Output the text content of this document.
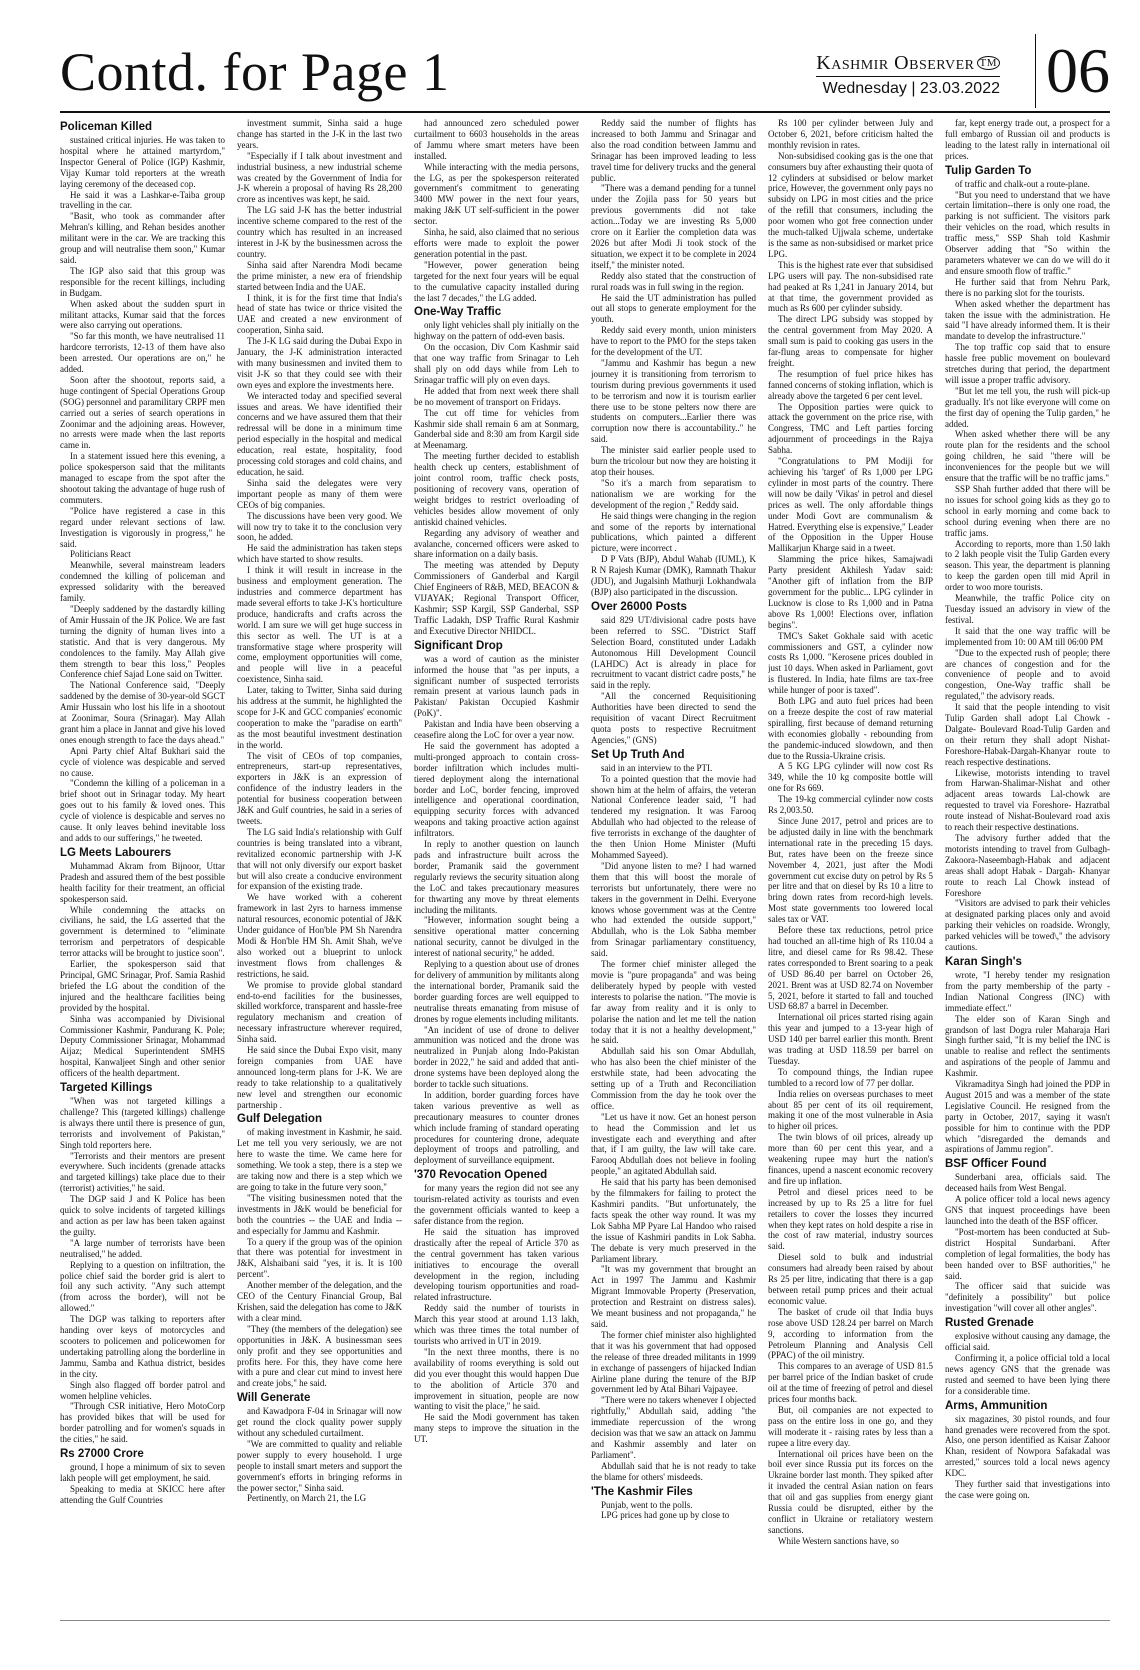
Contd. for Page 1	Kashmir Observer ™
Wednesday | 23.03.2022 06
Policeman Killed

sustained critical injuries. He was taken to hospital where he attained martyrdom," Inspector General of Police (IGP) Kashmir, Vijay Kumar told reporters at the wreath laying ceremony of the deceased cop.

He said it was a Lashkar-e-Taiba group travelling in the car.

"Basit, who took as commander after Mehran's killing, and Rehan besides another militant were in the car. We are tracking this group and will neutralise them soon," Kumar said.

The IGP also said that this group was responsible for the recent killings, including in Budgam.

When asked about the sudden spurt in militant attacks, Kumar said that the forces were also carrying out operations.

"So far this month, we have neutralised 11 hardcore terrorists, 12-13 of them have also been arrested. Our operations are on," he added.

Soon after the shootout, reports said, a huge contingent of Special Operations Group (SOG) personnel and paramilitary CRPF men carried out a series of search operations in Zoonimar and the adjoining areas. However, no arrests were made when the last reports came in.

In a statement issued here this evening, a police spokesperson said that the militants managed to escape from the spot after the shootout taking the advantage of huge rush of commuters.

"Police have registered a case in this regard under relevant sections of law. Investigation is vigorously in progress," he said.

Politicians React

Meanwhile, several mainstream leaders condemned the killing of policeman and expressed solidarity with the bereaved family.

"Deeply saddened by the dastardly killing of Amir Hussain of the JK Police. We are fast turning the dignity of human lives into a statistic. And that is very dangerous. My condolences to the family. May Allah give them strength to bear this loss," Peoples Conference chief Sajad Lone said on Twitter.

The National Conference said, "Deeply saddened by the demise of 30-year-old SGCT Amir Hussain who lost his life in a shootout at Zoonimar, Soura (Srinagar). May Allah grant him a place in Jannat and give his loved ones enough strength to face the days ahead."

Apni Party chief Altaf Bukhari said the cycle of violence was despicable and served no cause.

"Condemn the killing of a policeman in a brief shoot out in Srinagar today. My heart goes out to his family & loved ones. This cycle of violence is despicable and serves no cause. It only leaves behind inevitable loss and adds to our sufferings," he tweeted.

LG Meets Labourers

Muhammad Akram from Bijnoor, Uttar Pradesh and assured them of the best possible health facility for their treatment, an official spokesperson said.

While condemning the attacks on civilians, he said, the LG asserted that the government is determined to "eliminate terrorism and perpetrators of despicable terror attacks will be brought to justice soon".

Earlier, the spokesperson said that Principal, GMC Srinagar, Prof. Samia Rashid briefed the LG about the condition of the injured and the healthcare facilities being provided by the hospital.

Sinha was accompanied by Divisional Commissioner Kashmir, Pandurang K. Pole; Deputy Commissioner Srinagar, Mohammad Aijaz; Medical Superintendent SMHS hospital, Kanwaljeet Singh and other senior officers of the health department.

Targeted Killings

"When was not targeted killings a challenge? This (targeted killings) challenge is always there until there is presence of gun, terrorists and involvement of Pakistan," Singh told reporters here.

"Terrorists and their mentors are present everywhere. Such incidents (grenade attacks and targeted killings) take place due to their (terrorist) activities," he said.

The DGP said J and K Police has been quick to solve incidents of targeted killings and action as per law has been taken against the guilty.

"A large number of terrorists have been neutralised," he added.

Replying to a question on infiltration, the police chief said the border grid is alert to foil any such activity. "Any such attempt (from across the border), will not be allowed."

The DGP was talking to reporters after handing over keys of motorcycles and scooters to policemen and policewomen for undertaking patrolling along the borderline in Jammu, Samba and Kathua district, besides in the city.

Singh also flagged off border patrol and women helpline vehicles.

"Through CSR initiative, Hero MotoCorp has provided bikes that will be used for border patrolling and for women's squads in the cities," he said.

Rs 27000 Crore

ground, I hope a minimum of six to seven lakh people will get employment, he said.

Speaking to media at SKICC here after attending the Gulf Countries

investment summit, Sinha said a huge change has started in the J-K in the last two years.

"Especially if I talk about investment and industrial business, a new industrial scheme was created by the Government of India for J-K wherein a proposal of having Rs 28,200 crore as incentives was kept, he said.

The LG said J-K has the better industrial incentive scheme compared to the rest of the country which has resulted in an increased interest in J-K by the businessmen across the country.

Sinha said after Narendra Modi became the prime minister, a new era of friendship started between India and the UAE.

I think, it is for the first time that India's head of state has twice or thrice visited the UAE and created a new environment of cooperation, Sinha said.

The J-K LG said during the Dubai Expo in January, the J-K administration interacted with many businessmen and invited them to visit J-K so that they could see with their own eyes and explore the investments here.

We interacted today and specified several issues and areas. We have identified their concerns and we have assured them that their redressal will be done in a minimum time period especially in the hospital and medical education, real estate, hospitality, food processing cold storages and cold chains, and education, he said.

Sinha said the delegates were very important people as many of them were CEOs of big companies.

The discussions have been very good. We will now try to take it to the conclusion very soon, he added.

He said the administration has taken steps which have started to show results.

I think it will result in increase in the business and employment generation. The industries and commerce department has made several efforts to take J-K's horticulture produce, handicrafts and crafts across the world. I am sure we will get huge success in this sector as well. The UT is at a transformative stage where prosperity will come, employment opportunities will come, and people will live in a peaceful coexistence, Sinha said.

Later, taking to Twitter, Sinha said during his address at the summit, he highlighted the scope for J-K and GCC companies' economic cooperation to make the "paradise on earth" as the most beautiful investment destination in the world.

The visit of CEOs of top companies, entrepreneurs, start-up representatives, exporters in J&K is an expression of confidence of the industry leaders in the potential for business cooperation between J&K and Gulf countries, he said in a series of tweets.

The LG said India's relationship with Gulf countries is being translated into a vibrant, revitalized economic partnership with J-K that will not only diversify our export basket but will also create a conducive environment for expansion of the existing trade.

We have worked with a coherent framework in last 2yrs to harness immense natural resources, economic potential of J&K Under guidance of Hon'ble PM Sh Narendra Modi & Hon'ble HM Sh. Amit Shah, we've also worked out a blueprint to unlock investment flows from challenges & restrictions, he said.

We promise to provide global standard end-to-end facilities for the businesses, skilled workforce, transparent and hassle-free regulatory mechanism and creation of necessary infrastructure wherever required, Sinha said.

He said since the Dubai Expo visit, many foreign companies from UAE have announced long-term plans for J-K. We are ready to take relationship to a qualitatively new level and strengthen our economic partnership .

Gulf Delegation

of making investment in Kashmir, he said. Let me tell you very seriously, we are not here to waste the time. We came here for something. We took a step, there is a step we are taking now and there is a step which we are going to take in the future very soon,"

"The visiting businessmen noted that the investments in J&K would be beneficial for both the countries -- the UAE and India -- and especially for Jammu and Kashmir.

To a query if the group was of the opinion that there was potential for investment in J&K, Alshaibani said "yes, it is. It is 100 percent".

Another member of the delegation, and the CEO of the Century Financial Group, Bal Krishen, said the delegation has come to J&K with a clear mind.

"They (the members of the delegation) see opportunities in J&K. A businessman sees only profit and they see opportunities and profits here. For this, they have come here with a pure and clear cut mind to invest here and create jobs," he said.

Will Generate

and Kawadpora F-04 in Srinagar will now get round the clock quality power supply without any scheduled curtailment.

"We are committed to quality and reliable power supply to every household. I urge people to install smart meters and support the government's efforts in bringing reforms in the power sector," Sinha said.

Pertinently, on March 21, the LG

had announced zero scheduled power curtailment to 6603 households in the areas of Jammu where smart meters have been installed.

While interacting with the media persons, the LG, as per the spokesperson reiterated government's commitment to generating 3400 MW power in the next four years, making J&K UT self-sufficient in the power sector.

Sinha, he said, also claimed that no serious efforts were made to exploit the power generation potential in the past.

"However, power generation being targeted for the next four years will be equal to the cumulative capacity installed during the last 7 decades," the LG added.

One-Way Traffic

only light vehicles shall ply initially on the highway on the pattern of odd-even basis.

On the occasion, Div Com Kashmir said that one way traffic from Srinagar to Leh shall ply on odd days while from Leh to Srinagar traffic will ply on even days.

He added that from next week there shall be no movement of transport on Fridays.

The cut off time for vehicles from Kashmir side shall remain 6 am at Sonmarg, Ganderbal side and 8:30 am from Kargil side at Meenamarg.

The meeting further decided to establish health check up centers, establishment of joint control room, traffic check posts, positioning of recovery vans, operation of weight bridges to restrict overloading of vehicles besides allow movement of only antiskid chained vehicles.

Regarding any advisory of weather and avalanche, concerned officers were asked to share information on a daily basis.

The meeting was attended by Deputy Commissioners of Ganderbal and Kargil Chief Engineers of R&B, MED, BEACON & VIJAYAK; Regional Transport Officer, Kashmir; SSP Kargil, SSP Ganderbal, SSP Traffic Ladakh, DSP Traffic Rural Kashmir and Executive Director NHIDCL.

Significant Drop

was a word of caution as the minister informed the house that "as per inputs, a significant number of suspected terrorists remain present at various launch pads in Pakistan/ Pakistan Occupied Kashmir (PoK)".

Pakistan and India have been observing a ceasefire along the LoC for over a year now.

He said the government has adopted a multi-pronged approach to contain cross-border infiltration which includes multi-tiered deployment along the international border and LoC, border fencing, improved intelligence and operational coordination, equipping security forces with advanced weapons and taking proactive action against infiltrators.

In reply to another question on launch pads and infrastructure built across the border, Pramanik said the government regularly reviews the security situation along the LoC and takes precautionary measures for thwarting any move by threat elements including the militants.

"However, information sought being a sensitive operational matter concerning national security, cannot be divulged in the interest of national security," he added.

Replying to a question about use of drones for delivery of ammunition by militants along the international border, Pramanik said the border guarding forces are well equipped to neutralise threats emanating from misuse of drones by rogue elements including militants.

"An incident of use of drone to deliver ammunition was noticed and the drone was neutralized in Punjab along Indo-Pakistan border in 2022," he said and added that anti-drone systems have been deployed along the border to tackle such situations.

In addition, border guarding forces have taken various preventive as well as precautionary measures to counter drones which include framing of standard operating procedures for countering drone, adequate deployment of troops and patrolling, and deployment of surveillance equipment.

'370 Revocation Opened

for many years the region did not see any tourism-related activity as tourists and even the government officials wanted to keep a safer distance from the region.

He said the situation has improved drastically after the repeal of Article 370 as the central government has taken various initiatives to encourage the overall development in the region, including developing tourism opportunities and road-related infrastructure.

Reddy said the number of tourists in March this year stood at around 1.13 lakh, which was three times the total number of tourists who arrived in UT in 2019.

"In the next three months, there is no availability of rooms everything is sold out did you ever thought this would happen Due to the abolition of Article 370 and improvement in situation, people are now wanting to visit the place," he said.

He said the Modi government has taken many steps to improve the situation in the UT.

Reddy said the number of flights has increased to both Jammu and Srinagar and also the road condition between Jammu and Srinagar has been improved leading to less travel time for delivery trucks and the general public.

"There was a demand pending for a tunnel under the Zojila pass for 50 years but previous governments did not take action...Today we are investing Rs 5,000 crore on it Earlier the completion data was 2026 but after Modi Ji took stock of the situation, we expect it to be complete in 2024 itself," the minister noted.

Reddy also stated that the construction of rural roads was in full swing in the region.

He said the UT administration has pulled out all stops to generate employment for the youth.

Reddy said every month, union ministers have to report to the PMO for the steps taken for the development of the UT.

"Jammu and Kashmir has begun a new journey it is transitioning from terrorism to tourism during previous governments it used to be terrorism and now it is tourism earlier there use to be stone pelters now there are students on computers...Earlier there was corruption now there is accountability.." he said.

The minister said earlier people used to burn the tricolour but now they are hoisting it atop their houses.

"So it's a march from separatism to nationalism we are working for the development of the region ," Reddy said.

He said things were changing in the region and some of the reports by international publications, which painted a different picture, were incorrect .

D P Vats (BJP), Abdul Wahab (IUML), K R N Rajesh Kumar (DMK), Ramnath Thakur (JDU), and Jugalsinh Mathurji Lokhandwala (BJP) also participated in the discussion.

Over 26000 Posts

said 829 UT/divisional cadre posts have been referred to SSC. "District Staff Selection Board, constituted under Ladakh Autonomous Hill Development Council (LAHDC) Act is already in place for recruitment to vacant district cadre posts," he said in the reply.

"All the concerned Requisitioning Authorities have been directed to send the requisition of vacant Direct Recruitment quota posts to respective Recruitment Agencies," (GNS)

Set Up Truth And

said in an interview to the PTI.

To a pointed question that the movie had shown him at the helm of affairs, the veteran National Conference leader said, "I had tendered my resignation. It was Farooq Abdullah who had objected to the release of five terrorists in exchange of the daughter of the then Union Home Minister (Mufti Mohammed Sayeed).

"Did anyone listen to me? I had warned them that this will boost the morale of terrorists but unfortunately, there were no takers in the government in Delhi. Everyone knows whose government was at the Centre who had extended the outside support," Abdullah, who is the Lok Sabha member from Srinagar parliamentary constituency, said.

The former chief minister alleged the movie is "pure propaganda" and was being deliberately hyped by people with vested interests to polarise the nation. "The movie is far away from reality and it is only to polarise the nation and let me tell the nation today that it is not a healthy development," he said.

Abdullah said his son Omar Abdullah, who has also been the chief minister of the erstwhile state, had been advocating the setting up of a Truth and Reconciliation Commission from the day he took over the office.

"Let us have it now. Get an honest person to head the Commission and let us investigate each and everything and after that, if I am guilty, the law will take care. Farooq Abdullah does not believe in fooling people," an agitated Abdullah said.

He said that his party has been demonised by the filmmakers for failing to protect the Kashmiri pandits. "But unfortunately, the facts speak the other way round. It was my Lok Sabha MP Pyare Lal Handoo who raised the issue of Kashmiri pandits in Lok Sabha. The debate is very much preserved in the Parliament library.

"It was my government that brought an Act in 1997 The Jammu and Kashmir Migrant Immovable Property (Preservation, protection and Restraint on distress sales). We meant business and not propaganda," he said.

The former chief minister also highlighted that it was his government that had opposed the release of three dreaded militants in 1999 in exchange of passengers of hijacked Indian Airline plane during the tenure of the BJP government led by Atal Bihari Vajpayee.

"There were no takers whenever I objected rightfully," Abdullah said, adding "the immediate repercussion of the wrong decision was that we saw an attack on Jammu and Kashmir assembly and later on Parliament".

Abdullah said that he is not ready to take the blame for others' misdeeds.

'The Kashmir Files

Punjab, went to the polls.

LPG prices had gone up by close to

Rs 100 per cylinder between July and October 6, 2021, before criticism halted the monthly revision in rates.

Non-subsidised cooking gas is the one that consumers buy after exhausting their quota of 12 cylinders at subsidised or below market price, However, the government only pays no subsidy on LPG in most cities and the price of the refill that consumers, including the poor women who got free connection under the much-talked Ujjwala scheme, undertake is the same as non-subsidised or market price LPG.

This is the highest rate ever that subsidised LPG users will pay. The non-subsidised rate had peaked at Rs 1,241 in January 2014, but at that time, the government provided as much as Rs 600 per cylinder subsidy.

The direct LPG subsidy was stopped by the central government from May 2020. A small sum is paid to cooking gas users in the far-flung areas to compensate for higher freight.

The resumption of fuel price hikes has fanned concerns of stoking inflation, which is already above the targeted 6 per cent level.

The Opposition parties were quick to attack the government on the price rise, with Congress, TMC and Left parties forcing adjournment of proceedings in the Rajya Sabha.

"Congratulations to PM Modiji for achieving his 'target' of Rs 1,000 per LPG cylinder in most parts of the country. There will now be daily 'Vikas' in petrol and diesel prices as well. The only affordable things under Modi Govt are communalism & Hatred. Everything else is expensive," Leader of the Opposition in the Upper House Mallikarjun Kharge said in a tweet.

Slamming the price hikes, Samajwadi Party president Akhilesh Yadav said: "Another gift of inflation from the BJP government for the public... LPG cylinder in Lucknow is close to Rs 1,000 and in Patna above Rs 1,000! Elections over, inflation begins".

TMC's Saket Gokhale said with acetic commissioners and GST, a cylinder now costs Rs 1,000. "Kerosene prices doubled in just 10 days. When asked in Parliament, govt is flustered. In India, hate films are tax-free while hunger of poor is taxed".

Both LPG and auto fuel prices had been on a freeze despite the cost of raw material spiralling, first because of demand returning with economies globally - rebounding from the pandemic-induced slowdown, and then due to the Russia-Ukraine crisis.

A 5 KG LPG cylinder will now cost Rs 349, while the 10 kg composite bottle will one for Rs 669.

The 19-kg commercial cylinder now costs Rs 2,003.50.

Since June 2017, petrol and prices are to be adjusted daily in line with the benchmark international rate in the preceding 15 days. But, rates have been on the freeze since November 4, 2021, just after the Modi government cut excise duty on petrol by Rs 5 per litre and that on diesel by Rs 10 a litre to bring down rates from record-high levels. Most state governments too lowered local sales tax or VAT.

Before these tax reductions, petrol price had touched an all-time high of Rs 110.04 a litre, and diesel came for Rs 98.42. These rates corresponded to Brent soaring to a peak of USD 86.40 per barrel on October 26, 2021. Brent was at USD 82.74 on November 5, 2021, before it started to fall and touched USD 68.87 a barrel in December.

International oil prices started rising again this year and jumped to a 13-year high of USD 140 per barrel earlier this month. Brent was trading at USD 118.59 per barrel on Tuesday.

To compound things, the Indian rupee tumbled to a record low of 77 per dollar.

India relies on overseas purchases to meet about 85 per cent of its oil requirement, making it one of the most vulnerable in Asia to higher oil prices.

The twin blows of oil prices, already up more than 60 per cent this year, and a weakening rupee may hurt the nation's finances, upend a nascent economic recovery and fire up inflation.

Petrol and diesel prices need to be increased by up to Rs 25 a litre for fuel retailers to cover the losses they incurred when they kept rates on hold despite a rise in the cost of raw material, industry sources said.

Diesel sold to bulk and industrial consumers had already been raised by about Rs 25 per litre, indicating that there is a gap between retail pump prices and their actual economic value.

The basket of crude oil that India buys rose above USD 128.24 per barrel on March 9, according to information from the Petroleum Planning and Analysis Cell (PPAC) of the oil ministry.

This compares to an average of USD 81.5 per barrel price of the Indian basket of crude oil at the time of freezing of petrol and diesel prices four months back.

But, oil companies are not expected to pass on the entire loss in one go, and they will moderate it - raising rates by less than a rupee a litre every day.

International oil prices have been on the boil ever since Russia put its forces on the Ukraine border last month. They spiked after it invaded the central Asian nation on fears that oil and gas supplies from energy giant Russia could be disrupted, either by the conflict in Ukraine or retaliatory western sanctions.

While Western sanctions have, so

far, kept energy trade out, a prospect for a full embargo of Russian oil and products is leading to the latest rally in international oil prices.

Tulip Garden To

of traffic and chalk-out a route-plane.

"But you need to understand that we have certain limitation--there is only one road, the parking is not sufficient. The visitors park their vehicles on the road, which results in traffic mess," SSP Shah told Kashmir Observer adding that "So within the parameters whatever we can do we will do it and ensure smooth flow of traffic."

He further said that from Nehru Park, there is no parking slot for the tourists.

When asked whether the department has taken the issue with the administration. He said "I have already informed them. It is their mandate to develop the infrastructure."

The top traffic cop said that to ensure hassle free public movement on boulevard stretches during that period, the department will issue a proper traffic advisory.

"But let me tell you, the rush will pick-up gradually. It's not like everyone will come on the first day of opening the Tulip garden," he added.

When asked whether there will be any route plan for the residents and the school going children, he said "there will be inconveniences for the people but we will ensure that the traffic will be no traffic jams."

SSP Shah further added that there will be no issues for school going kids as they go to school in early morning and come back to school during evening when there are no traffic jams.

According to reports, more than 1.50 lakh to 2 lakh people visit the Tulip Garden every season. This year, the department is planning to keep the garden open till mid April in order to woo more tourists.

Meanwhile, the traffic Police city on Tuesday issued an advisory in view of the festival.

It said that the one way traffic will be implemented from 10: 00 AM till 06:00 PM

"Due to the expected rush of people; there are chances of congestion and for the convenience of people and to avoid congestion, One-Way traffic shall be regulated," the advisory reads.

It said that the people intending to visit Tulip Garden shall adopt Lal Chowk -Dalgate- Boulevard Road-Tulip Garden and on their return they shall adopt Nishat-Foreshore-Habak-Dargah-Khanyar route to reach respective destinations.

Likewise, motorists intending to travel from Harwan-Shalimar-Nishat and other adjacent areas towards Lal-chowk are requested to travel via Foreshore- Hazratbal route instead of Nishat-Boulevard road axis to reach their respective destinations.

The advisory further added that the motorists intending to travel from Gulbagh-Zakoora-Naseembagh-Habak and adjacent areas shall adopt Habak - Dargah- Khanyar route to reach Lal Chowk instead of Foreshore

"Visitors are advised to park their vehicles at designated parking places only and avoid parking their vehicles on roadside. Wrongly, parked vehicles will be towed\," the advisory cautions.

Karan Singh's

wrote, "I hereby tender my resignation from the party membership of the party - Indian National Congress (INC) with immediate effect."

The elder son of Karan Singh and grandson of last Dogra ruler Maharaja Hari Singh further said, "It is my belief the INC is unable to realise and reflect the sentiments and aspirations of the people of Jammu and Kashmir.

Vikramaditya Singh had joined the PDP in August 2015 and was a member of the state Legislative Council. He resigned from the party in October, 2017, saying it wasn't possible for him to continue with the PDP which "disregarded the demands and aspirations of Jammu region".

BSF Officer Found

Sunderbani area, officials said. The deceased hails from West Bengal.

A police officer told a local news agency GNS that inquest proceedings have been launched into the death of the BSF officer.

"Post-mortem has been conducted at Sub-district Hospital Sundarbani. After completion of legal formalities, the body has been handed over to BSF authorities," he said.

The officer said that suicide was "definitely a possibility" but police investigation "will cover all other angles".

Rusted Grenade

explosive without causing any damage, the official said.

Confirming it, a police official told a local news agency GNS that the grenade was rusted and seemed to have been lying there for a considerable time.

Arms, Ammunition

six magazines, 30 pistol rounds, and four hand grenades were recovered from the spot. Also, one person identified as Kaisar Zahoor Khan, resident of Nowpora Safakadal was arrested," sources told a local news agency KDC.

They further said that investigations into the case were going on.
